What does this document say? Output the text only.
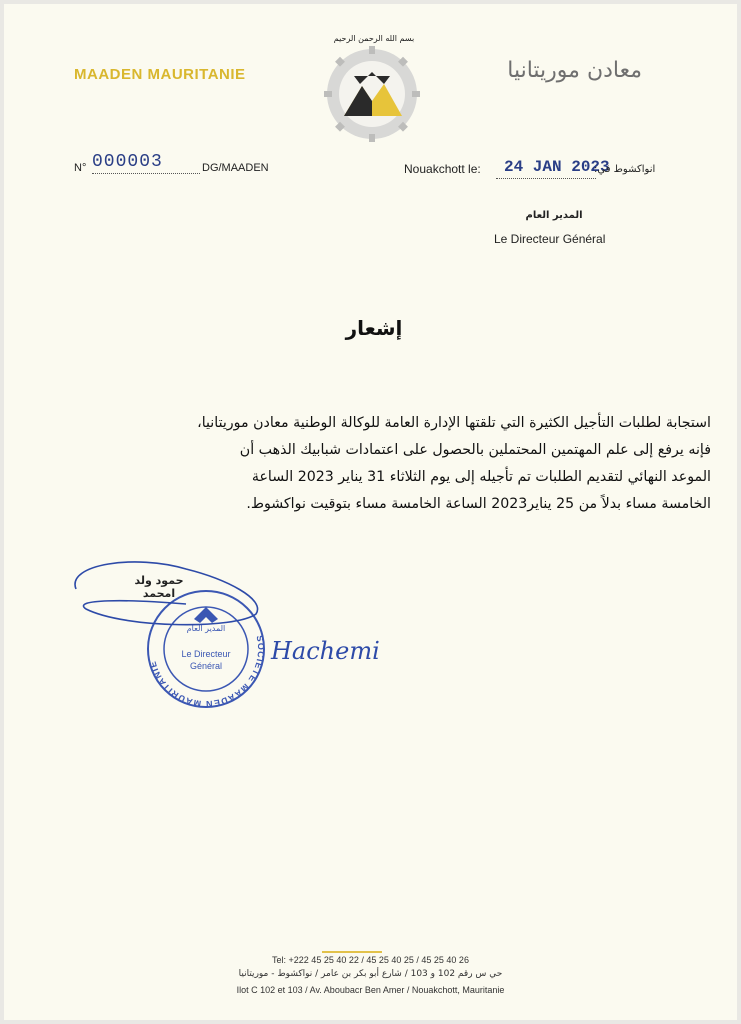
MAADEN MAURITANIE	معادن موريتانيا
بسم الله الرحمن الرحيم
N° 000003	DG/MAADEN	Nouakchott le: 24 JAN 2023
انواكشوط في:
المدير العام
Le Directeur Général
إشعار

استجابة لطلبات التأجيل الكثيرة التي تلقتها الإدارة العامة للوكالة الوطنية معادن موريتانيا،

فإنه يرفع إلى علم المهتمين المحتملين بالحصول على اعتمادات شبابيك الذهب أن

الموعد النهائي لتقديم الطلبات تم تأجيله إلى يوم الثلاثاء 31 يناير 2023 الساعة

الخامسة مساء بدلاً من 25 يناير2023 الساعة الخامسة مساء بتوقيت نواكشوط.

SOCIETE MAADEN MAURITANIE
المدير العام
Le Directeur
Général
Hachemi
حمود ولد امحمد
Tel: +222 45 25 40 22 / 45 25 40 25 / 45 25 40 26
حي س رقم 102 و 103 / شارع أبو بكر بن عامر / نواكشوط - موريتانيا
Ilot C 102 et 103 / Av. Aboubacr Ben Amer / Nouakchott, Mauritanie
